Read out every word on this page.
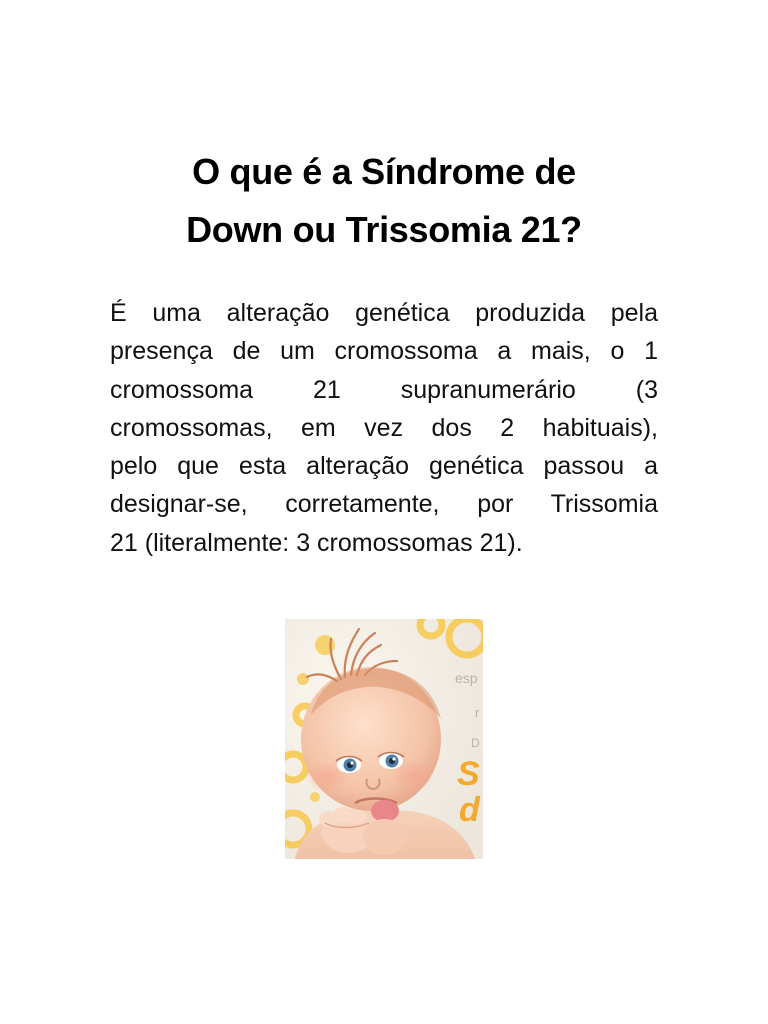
O que é a Síndrome de
Down ou Trissomia 21?
É uma alteração genética produzida pela
presença de um cromossoma a mais, o 1
cromossoma 21 supranumerário (3
cromossomas, em vez dos 2 habituais),
pelo que esta alteração genética passou a
designar-se, corretamente, por Trissomia
21 (literalmente: 3 cromossomas 21).
esp
r
D
S
d
